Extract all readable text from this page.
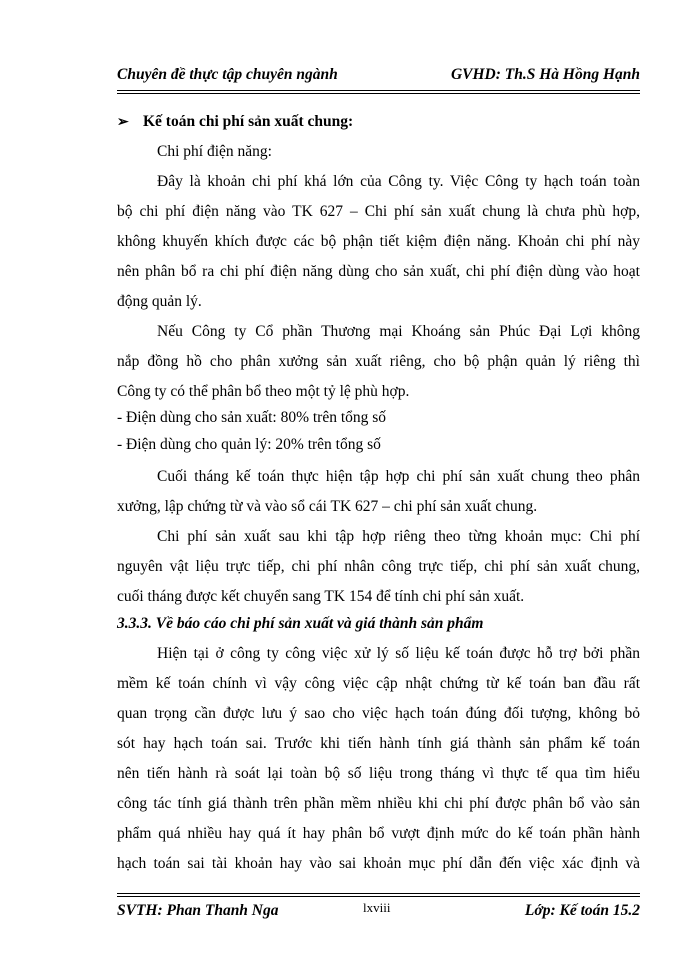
Chuyên đề thực tập chuyên ngành	GVHD: Th.S Hà Hồng Hạnh
➢ Kế toán chi phí sản xuất chung:
Chi phí điện năng:
Đây là khoản chi phí khá lớn của Công ty. Việc Công ty hạch toán toàn
bộ chi phí điện năng vào TK 627 – Chi phí sản xuất chung là chưa phù hợp,
không khuyến khích được các bộ phận tiết kiệm điện năng. Khoản chi phí này
nên phân bổ ra chi phí điện năng dùng cho sản xuất, chi phí điện dùng vào hoạt
động quản lý.
Nếu Công ty Cổ phần Thương mại Khoáng sản Phúc Đại Lợi không
nắp đồng hồ cho phân xưởng sản xuất riêng, cho bộ phận quản lý riêng thì
Công ty có thể phân bổ theo một tỷ lệ phù hợp.
- Điện dùng cho sản xuất: 80% trên tổng số
- Điện dùng cho quản lý: 20% trên tổng số
Cuối tháng kế toán thực hiện tập hợp chi phí sản xuất chung theo phân
xưởng, lập chứng từ và vào sổ cái TK 627 – chi phí sản xuất chung.
Chi phí sản xuất sau khi tập hợp riêng theo từng khoản mục: Chi phí
nguyên vật liệu trực tiếp, chi phí nhân công trực tiếp, chi phí sản xuất chung,
cuối tháng được kết chuyển sang TK 154 để tính chi phí sản xuất.
3.3.3. Về báo cáo chi phí sản xuất và giá thành sản phẩm
Hiện tại ở công ty công việc xử lý số liệu kế toán được hỗ trợ bởi phần
mềm kế toán chính vì vậy công việc cập nhật chứng từ kế toán ban đầu rất
quan trọng cần được lưu ý sao cho việc hạch toán đúng đối tượng, không bỏ
sót hay hạch toán sai. Trước khi tiến hành tính giá thành sản phẩm kế toán
nên tiến hành rà soát lại toàn bộ số liệu trong tháng vì thực tế qua tìm hiểu
công tác tính giá thành trên phần mềm nhiều khi chi phí được phân bổ vào sản
phẩm quá nhiều hay quá ít hay phân bổ vượt định mức do kế toán phần hành
hạch toán sai tài khoản hay vào sai khoản mục phí dẫn đến việc xác định và
SVTH: Phan Thanh Nga	lxviii	Lớp: Kế toán 15.2
